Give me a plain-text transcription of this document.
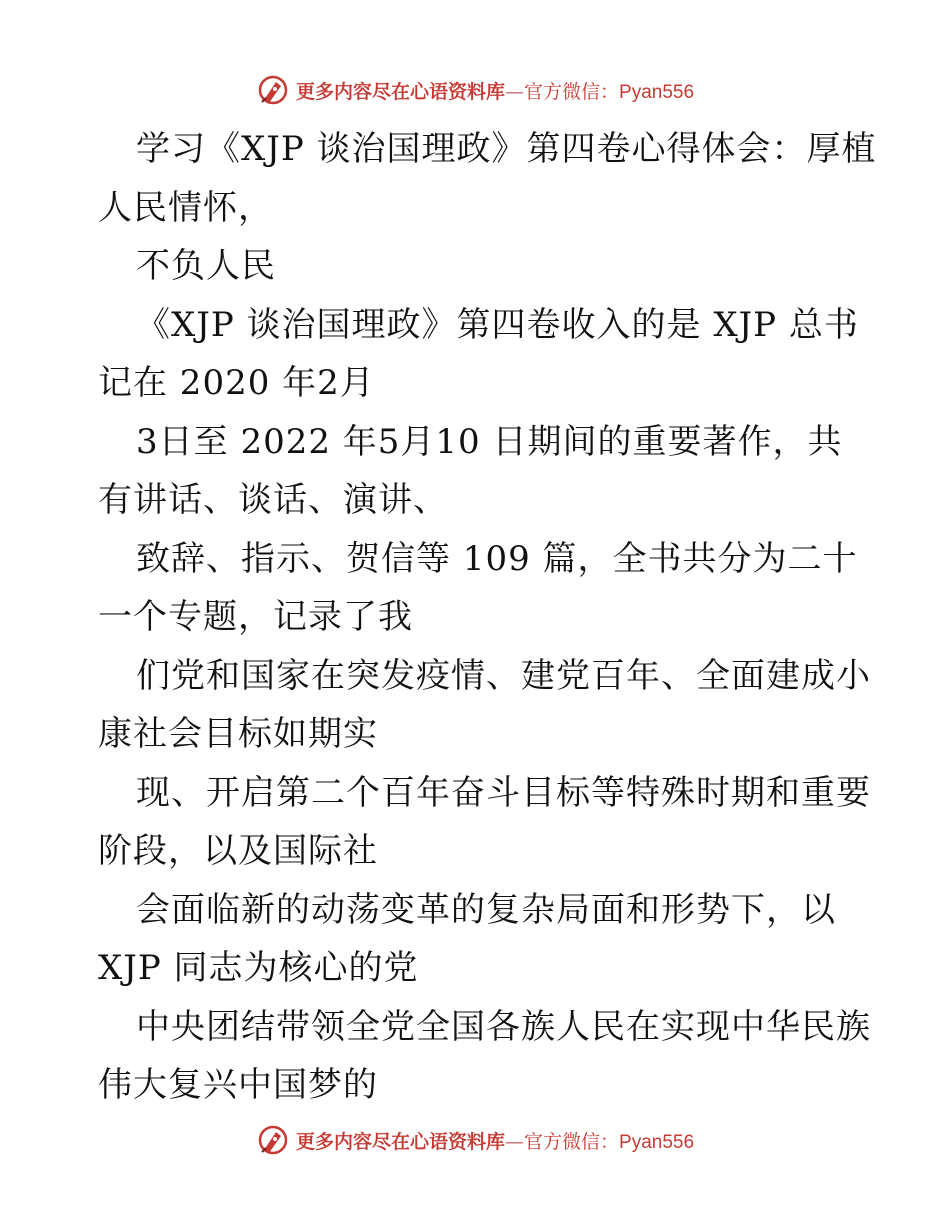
更多内容尽在心语资料库 — 官方微信 ： Pyan556
学习《XJP 谈治国理政》第四卷心得体会：厚植
人民情怀，
不负人民
《XJP 谈治国理政》第四卷收入的是 XJP 总书
记在 2020 年2月
3日至 2022 年5月10 日期间的重要著作，共
有讲话、谈话、演讲、
致辞、指示、贺信等 109 篇，全书共分为二十
一个专题，记录了我
们党和国家在突发疫情、建党百年、全面建成小
康社会目标如期实
现、开启第二个百年奋斗目标等特殊时期和重要
阶段，以及国际社
会面临新的动荡变革的复杂局面和形势下，以
XJP 同志为核心的党
中央团结带领全党全国各族人民在实现中华民族
伟大复兴中国梦的
更多内容尽在心语资料库 — 官方微信 ： Pyan556
